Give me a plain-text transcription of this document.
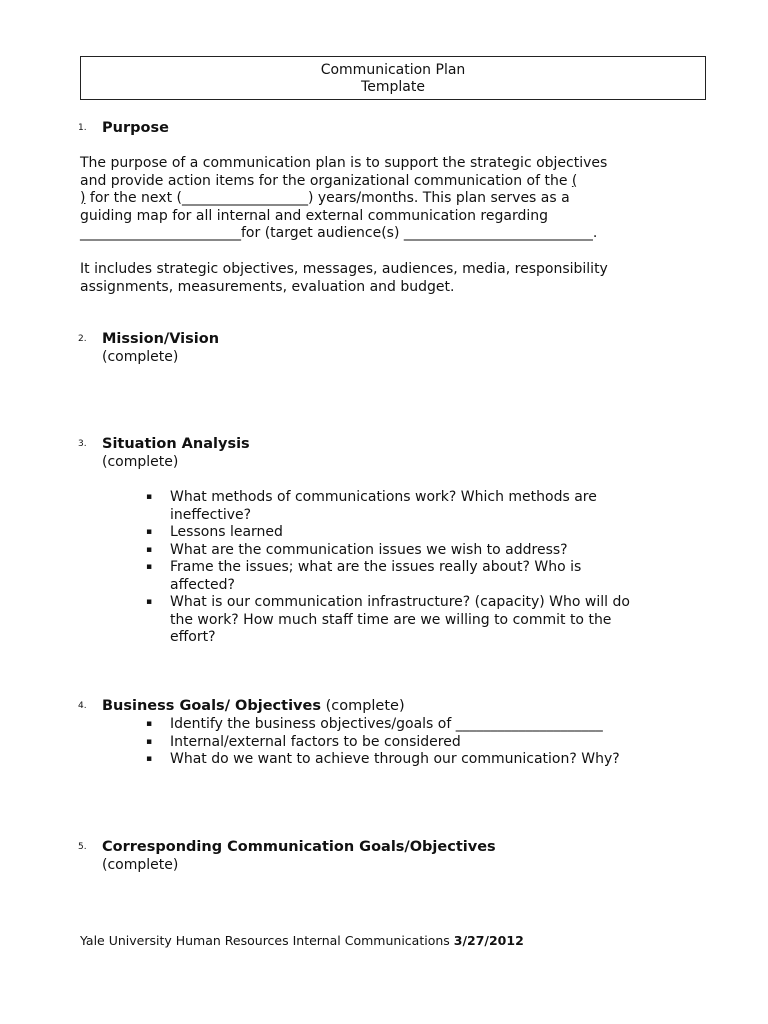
Communication Plan
Template
1. Purpose
The purpose of a communication plan is to support the strategic objectives
and provide action items for the organizational communication of the (
) for the next (__________________) years/months. This plan serves as a
guiding map for all internal and external communication regarding
_______________________for (target audience(s) ___________________________.
It includes strategic objectives, messages, audiences, media, responsibility
assignments, measurements, evaluation and budget.
2. Mission/Vision
(complete)
3. Situation Analysis
(complete)
▪ What methods of communications work? Which methods are ineffective?
▪ Lessons learned
▪ What are the communication issues we wish to address?
▪ Frame the issues; what are the issues really about? Who is affected?
▪ What is our communication infrastructure? (capacity) Who will do the work? How much staff time are we willing to commit to the effort?
4. Business Goals/ Objectives (complete)
▪ Identify the business objectives/goals of _____________________
▪ Internal/external factors to be considered
▪ What do we want to achieve through our communication? Why?
5. Corresponding Communication Goals/Objectives
(complete)
Yale University Human Resources Internal Communications 3/27/2012
